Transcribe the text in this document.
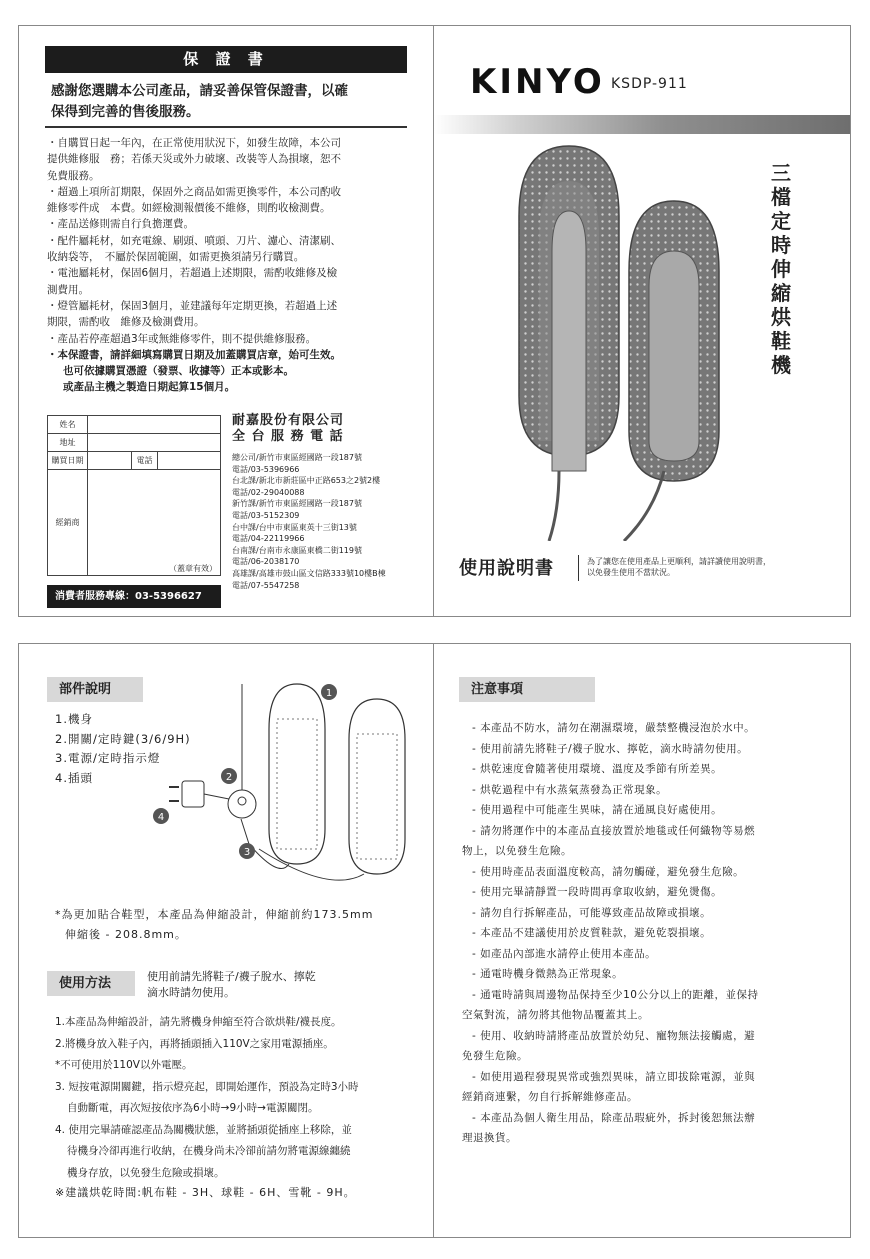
保 證 書
感謝您選購本公司產品，請妥善保管保證書，以確
保得到完善的售後服務。
・自購買日起一年內，在正常使用狀況下，如發生故障，本公司
提供維修服　務；若係天災或外力破壞、改裝等人為損壞，恕不
免費服務。
・超過上項所訂期限，保固外之商品如需更換零件，本公司酌收
維修零件成　本費。如經檢測報價後不維修，則酌收檢測費。
・產品送修則需自行負擔運費。
・配件屬耗材，如充電線、刷頭、噴頭、刀片、濾心、清潔刷、
收納袋等，　不屬於保固範圍，如需更換須請另行購買。
・電池屬耗材，保固6個月，若超過上述期限，需酌收維修及檢
測費用。
・燈管屬耗材，保固3個月，並建議每年定期更換，若超過上述
期限，需酌收　維修及檢測費用。
・產品若停產超過3年或無維修零件，則不提供維修服務。
・本保證書，請詳細填寫購買日期及加蓋購買店章，始可生效。
也可依據購買憑證（發票、收據等）正本或影本。
或產品主機之製造日期起算15個月。
姓名			
地址			
購買日期		電話	
經銷商	（蓋章有效）		
消費者服務專線：03-5396627
耐嘉股份有限公司
全 台 服 務 電 話
總公司/新竹市東區經國路一段187號
電話/03-5396966
台北課/新北市新莊區中正路653之2號2樓
電話/02-29040088
新竹課/新竹市東區經國路一段187號
電話/03-5152309
台中課/台中市東區東英十三街13號
電話/04-22119966
台南課/台南市永康區東橋二街119號
電話/06-2038170
高雄課/高雄市鼓山區文信路333號10樓B棟
電話/07-5547258
KINYO KSDP-911
三檔定時伸縮烘鞋機
使用說明書	為了讓您在使用產品上更順利，請詳讀使用說明書，
以免發生使用不當狀況。
部件說明
1.機身
2.開關/定時鍵(3/6/9H)
3.電源/定時指示燈
4.插頭
1
2
3
4
*為更加貼合鞋型，本產品為伸縮設計，伸縮前約173.5mm
伸縮後 - 208.8mm。
使用方法	使用前請先將鞋子/襪子脫水、擰乾
滴水時請勿使用。
1.本產品為伸縮設計，請先將機身伸縮至符合欲烘鞋/襪長度。
2.將機身放入鞋子內，再將插頭插入110V之家用電源插座。
*不可使用於110V以外電壓。
3. 短按電源開關鍵，指示燈亮起，即開始運作，預設為定時3小時
自動斷電，再次短按依序為6小時→9小時→電源關閉。
4. 使用完畢請確認產品為關機狀態，並將插頭從插座上移除，並
待機身冷卻再進行收納，在機身尚未冷卻前請勿將電源線纏繞
機身存放，以免發生危險或損壞。
※建議烘乾時間:帆布鞋 - 3H、球鞋 - 6H、雪靴 - 9H。
注意事項
- 本產品不防水，請勿在潮濕環境，嚴禁整機浸泡於水中。
- 使用前請先將鞋子/襪子脫水、擰乾，滴水時請勿使用。
- 烘乾速度會隨著使用環境、溫度及季節有所差異。
- 烘乾過程中有水蒸氣蒸發為正常現象。
- 使用過程中可能產生異味，請在通風良好處使用。
- 請勿將運作中的本產品直接放置於地毯或任何織物等易燃
物上，以免發生危險。
- 使用時產品表面溫度較高，請勿觸碰，避免發生危險。
- 使用完畢請靜置一段時間再拿取收納，避免燙傷。
- 請勿自行拆解產品，可能導致產品故障或損壞。
- 本產品不建議使用於皮質鞋款，避免乾裂損壞。
- 如產品內部進水請停止使用本產品。
- 通電時機身微熱為正常現象。
- 通電時請與周邊物品保持至少10公分以上的距離，並保持
空氣對流，請勿將其他物品覆蓋其上。
- 使用、收納時請將產品放置於幼兒、寵物無法接觸處，避
免發生危險。
- 如使用過程發現異常或強烈異味，請立即拔除電源，並與
經銷商連繫，勿自行拆解維修產品。
- 本產品為個人衛生用品，除產品瑕疵外，拆封後恕無法辦
理退換貨。
